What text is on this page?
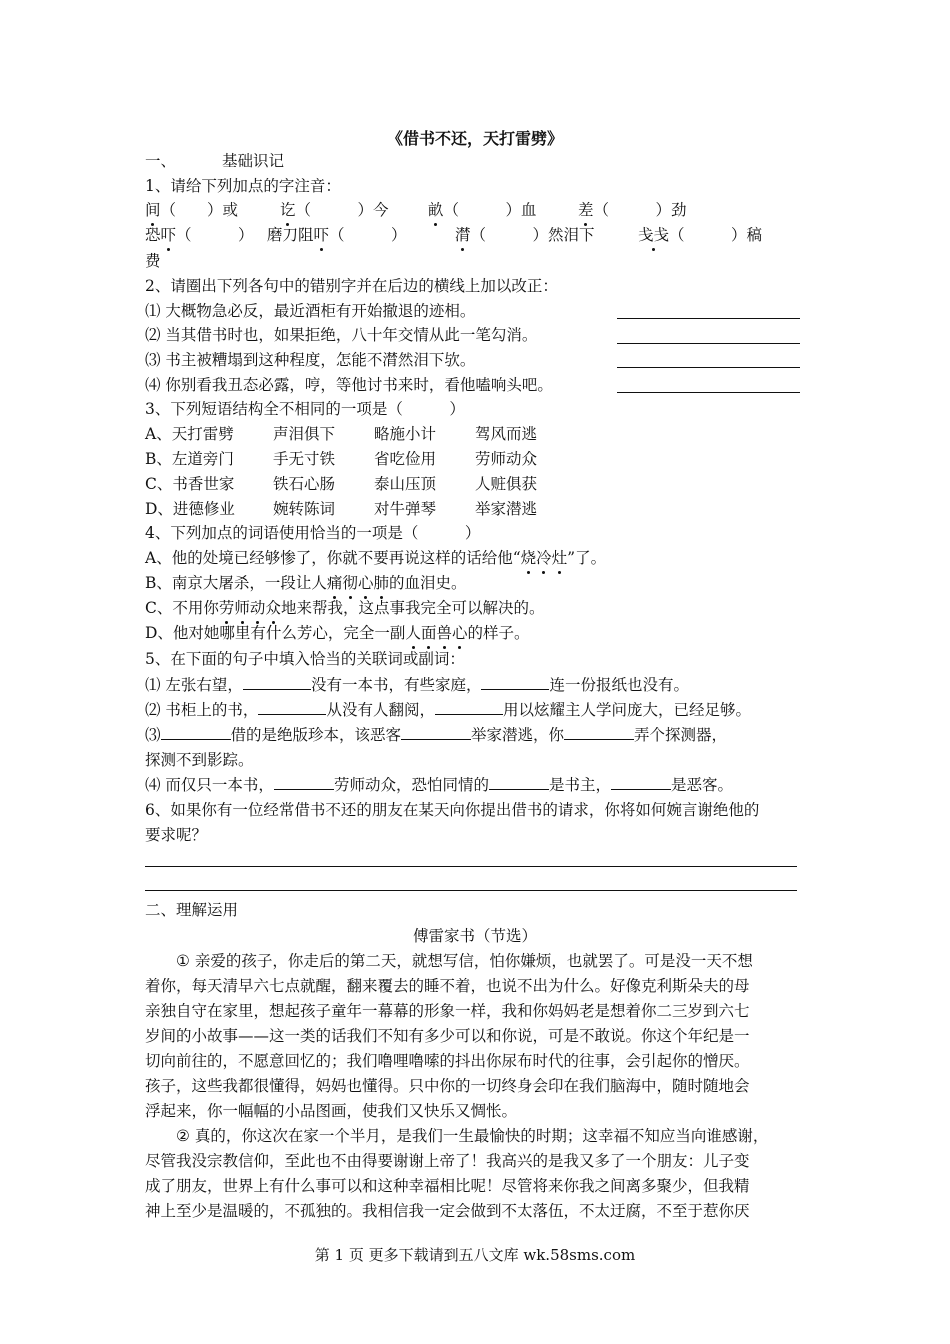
《借书不还，天打雷劈》
一、	基础识记
1、请给下列加点的字注音：
间（　　）或	讫（　　　）今	畝（　　　）血	差（　　　）劲
恐吓（　　　） 磨刀阻吓（　　　）	潸（　　　）然泪下	戋戋（　　　）稿
费
2、请圈出下列各句中的错别字并在后边的横线上加以改正：
⑴ 大概物急必反，最近酒柜有开始撤退的迹相。
⑵ 当其借书时也，如果拒绝，八十年交情从此一笔勾消。
⑶ 书主被糟塌到这种程度，怎能不潸然泪下欤。
⑷ 你别看我丑态必露，哼，等他讨书来时，看他嗑响头吧。
3、下列短语结构全不相同的一项是（　　　）
A、天打雷劈	声泪俱下	略施小计	驾风而逃
B、左道旁门	手无寸铁	省吃俭用	劳师动众
C、书香世家 铁石心肠	泰山压顶	人赃俱获
D、进德修业 婉转陈词	对牛弹琴	举家潜逃
4、下列加点的词语使用恰当的一项是（　　　）
A、他的处境已经够惨了，你就不要再说这样的话给他“烧冷灶”了。
B、南京大屠杀，一段让人痛彻心肺的血泪史。
C、不用你劳师动众地来帮我，这点事我完全可以解决的。
D、他对她哪里有什么芳心，完全一副人面兽心的样子。
5、在下面的句子中填入恰当的关联词或副词：
⑴ 左张右望，	没有一本书，有些家庭，	连一份报纸也没有。
⑵ 书柜上的书，	从没有人翻阅，	用以炫耀主人学问庞大，已经足够。
⑶	借的是绝版珍本，该恶客	举家潜逃，你	弄个探测器，
探测不到影踪。
⑷ 而仅只一本书，	劳师动众，恐怕同情的	是书主，	是恶客。
6、如果你有一位经常借书不还的朋友在某天向你提出借书的请求，你将如何婉言谢绝他的
要求呢？
二、理解运用
傅雷家书（节选）
① 亲爱的孩子，你走后的第二天，就想写信，怕你嫌烦，也就罢了。可是没一天不想
着你，每天清早六七点就醒，翻来覆去的睡不着，也说不出为什么。好像克利斯朵夫的母
亲独自守在家里，想起孩子童年一幕幕的形象一样，我和你妈妈老是想着你二三岁到六七
岁间的小故事——这一类的话我们不知有多少可以和你说，可是不敢说。你这个年纪是一
切向前往的，不愿意回忆的；我们噜哩噜嗦的抖出你尿布时代的往事，会引起你的憎厌。
孩子，这些我都很懂得，妈妈也懂得。只中你的一切终身会印在我们脑海中，随时随地会
浮起来，你一幅幅的小品图画，使我们又快乐又惆怅。
② 真的，你这次在家一个半月，是我们一生最愉快的时期；这幸福不知应当向谁感谢，
尽管我没宗教信仰，至此也不由得要谢谢上帝了！我高兴的是我又多了一个朋友：儿子变
成了朋友，世界上有什么事可以和这种幸福相比呢！尽管将来你我之间离多聚少，但我精
神上至少是温暖的，不孤独的。我相信我一定会做到不太落伍，不太迂腐，不至于惹你厌
第 1 页 更多下载请到五八文库 wk.58sms.com
